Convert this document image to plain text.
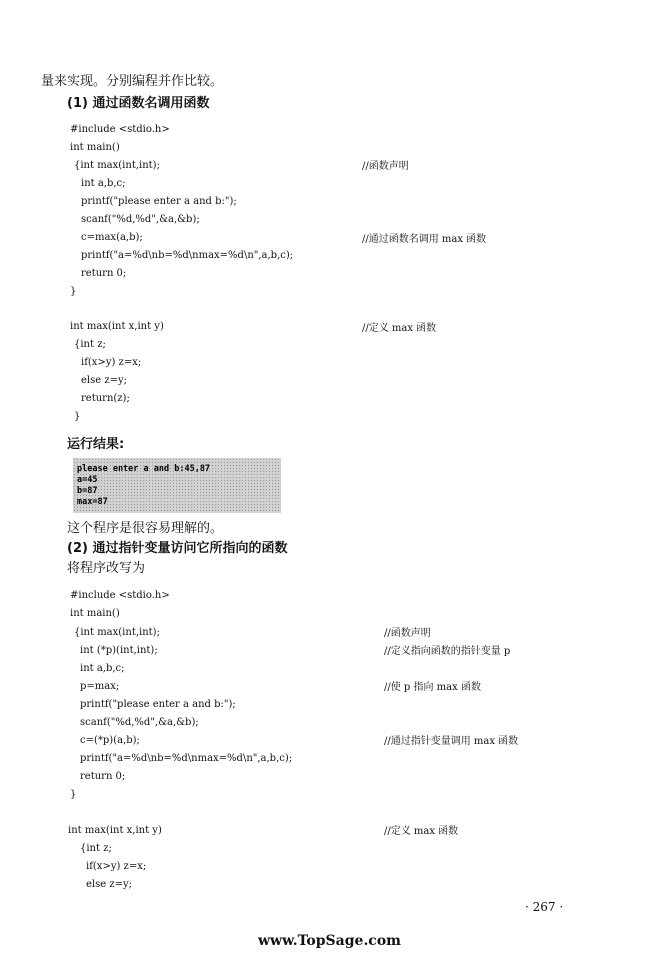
量来实现。分别编程并作比较。
(1) 通过函数名调用函数
#include <stdio.h>
int main()
{int max(int,int);
int a,b,c;
printf("please enter a and b:");
scanf("%d,%d",&a,&b);
c=max(a,b);
printf("a=%d\nb=%d\nmax=%d\n",a,b,c);
return 0;
}
int max(int x,int y)
{int z;
if(x>y) z=x;
else z=y;
return(z);
}
//函数声明
//通过函数名调用 max 函数
//定义 max 函数
运行结果:
please enter a and b:45,87
a=45
b=87
max=87
这个程序是很容易理解的。
(2) 通过指针变量访问它所指向的函数
将程序改写为
#include <stdio.h>
int main()
{int max(int,int);
int (*p)(int,int);
int a,b,c;
p=max;
printf("please enter a and b:");
scanf("%d,%d",&a,&b);
c=(*p)(a,b);
printf("a=%d\nb=%d\nmax=%d\n",a,b,c);
return 0;
}
int max(int x,int y)
{int z;
if(x>y) z=x;
else z=y;
//函数声明
//定义指向函数的指针变量 p
//使 p 指向 max 函数
//通过指针变量调用 max 函数
//定义 max 函数
· 267 ·
www.TopSage.com
